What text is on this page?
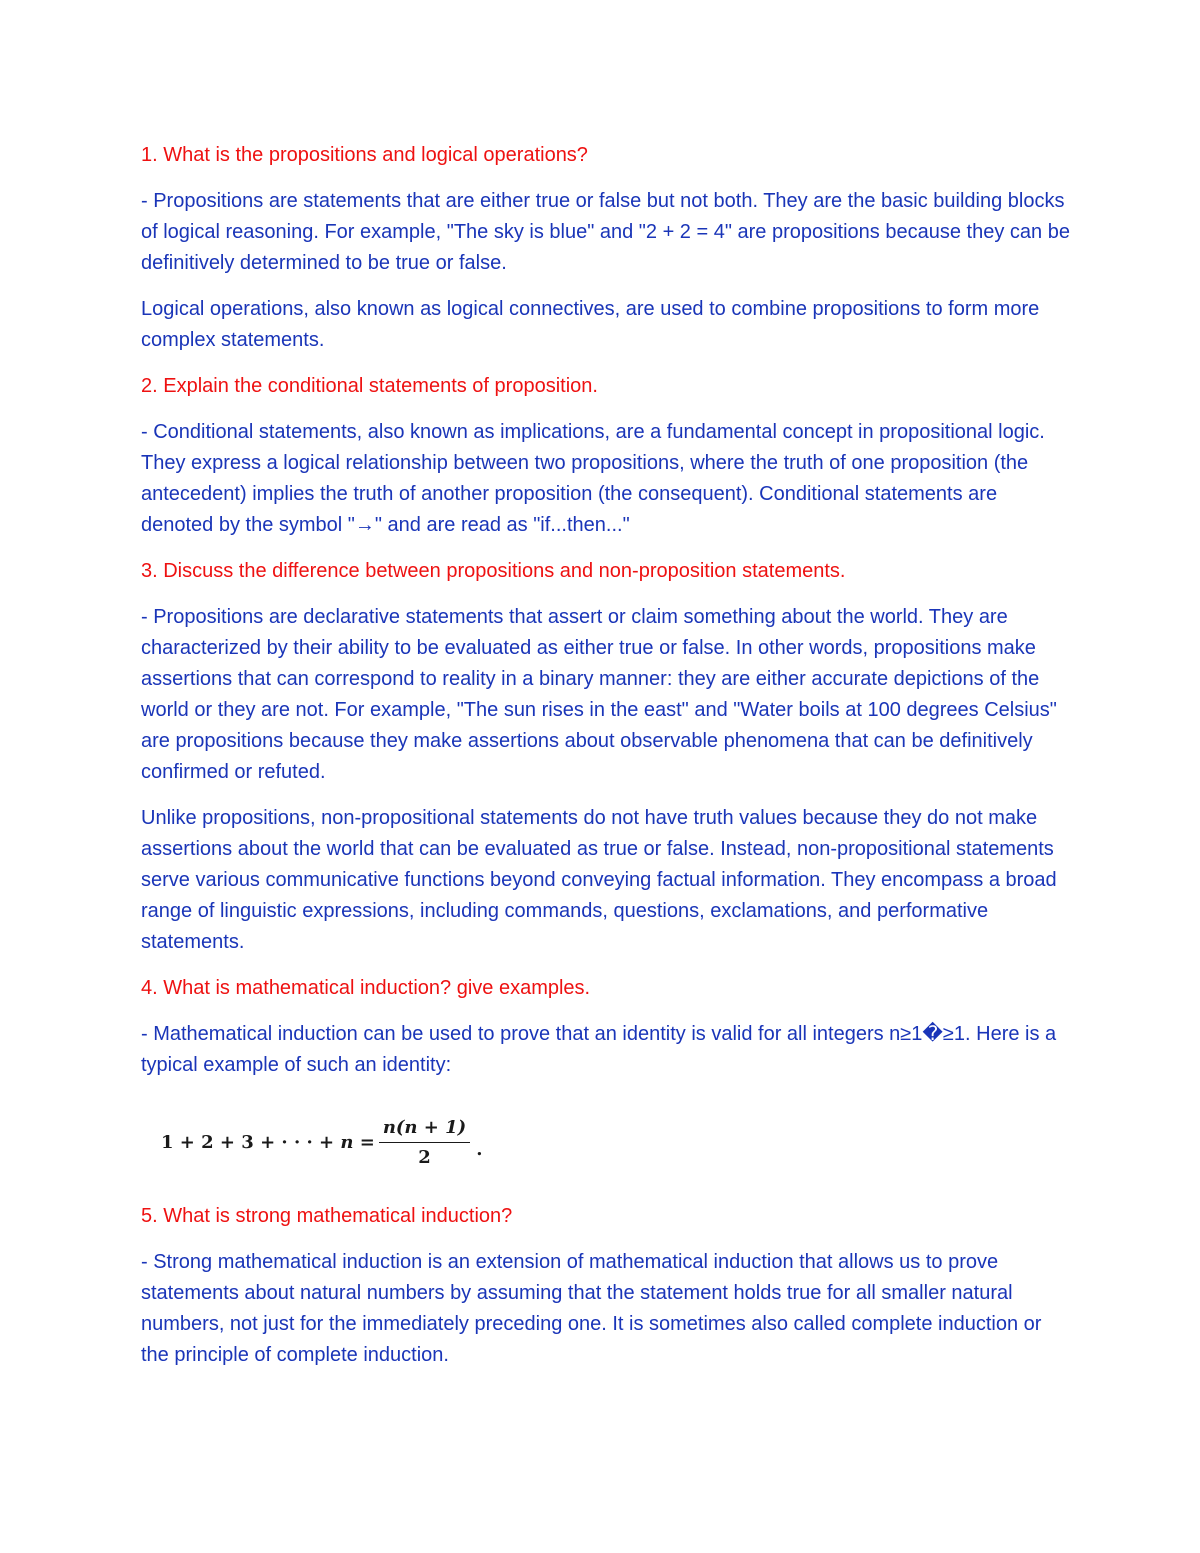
1. What is the propositions and logical operations?
- Propositions are statements that are either true or false but not both. They are the basic building blocks of logical reasoning. For example, "The sky is blue" and "2 + 2 = 4" are propositions because they can be definitively determined to be true or false.
Logical operations, also known as logical connectives, are used to combine propositions to form more complex statements.
2. Explain the conditional statements of proposition.
- Conditional statements, also known as implications, are a fundamental concept in propositional logic. They express a logical relationship between two propositions, where the truth of one proposition (the antecedent) implies the truth of another proposition (the consequent). Conditional statements are denoted by the symbol "→" and are read as "if...then..."
3. Discuss the difference between propositions and non-proposition statements.
- Propositions are declarative statements that assert or claim something about the world. They are characterized by their ability to be evaluated as either true or false. In other words, propositions make assertions that can correspond to reality in a binary manner: they are either accurate depictions of the world or they are not. For example, "The sun rises in the east" and "Water boils at 100 degrees Celsius" are propositions because they make assertions about observable phenomena that can be definitively confirmed or refuted.
Unlike propositions, non-propositional statements do not have truth values because they do not make assertions about the world that can be evaluated as true or false. Instead, non-propositional statements serve various communicative functions beyond conveying factual information. They encompass a broad range of linguistic expressions, including commands, questions, exclamations, and performative statements.
4. What is mathematical induction? give examples.
- Mathematical induction can be used to prove that an identity is valid for all integers n≥1�≥1. Here is a typical example of such an identity:
1 + 2 + 3 + · · · + $n = \frac{n(n + 1)}{2}$ .
5. What is strong mathematical induction?
- Strong mathematical induction is an extension of mathematical induction that allows us to prove statements about natural numbers by assuming that the statement holds true for all smaller natural numbers, not just for the immediately preceding one. It is sometimes also called complete induction or the principle of complete induction.
